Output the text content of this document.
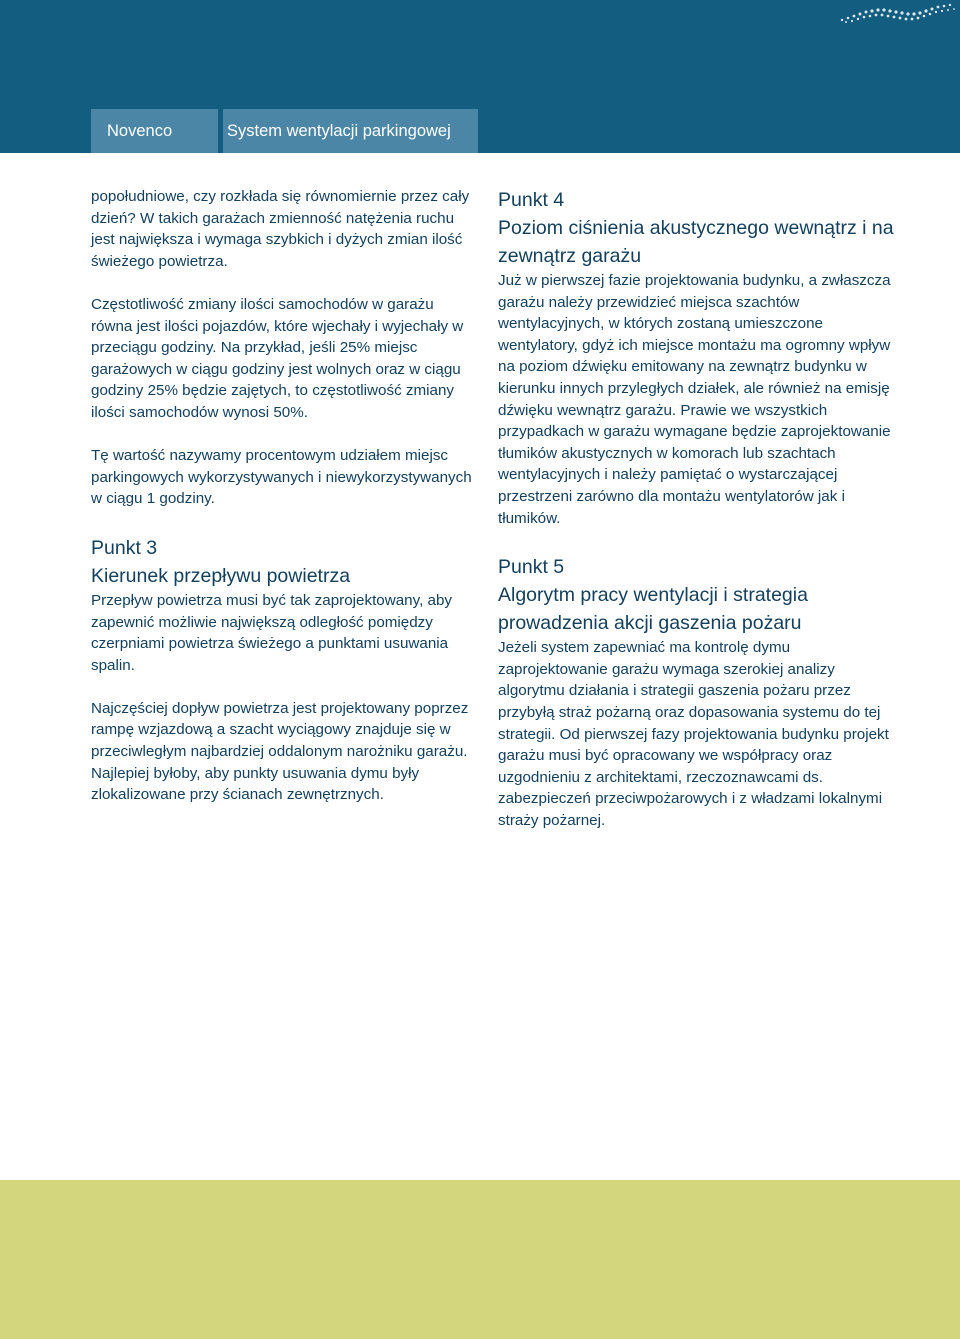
Novenco	System wentylacji parkingowej

popołudniowe, czy rozkłada się równomiernie przez cały dzień? W takich garażach zmienność natężenia ruchu jest największa i wymaga szybkich i dyżych zmian ilość świeżego powietrza.

Częstotliwość zmiany ilości samochodów w garażu równa jest ilości pojazdów, które wjechały i wyjechały w przeciągu godziny. Na przykład, jeśli 25% miejsc garażowych w ciągu godziny jest wolnych oraz w ciągu godziny 25% będzie zajętych, to częstotliwość zmiany ilości samochodów wynosi 50%.

Tę wartość nazywamy procentowym udziałem miejsc parkingowych wykorzystywanych i niewykorzystywanych w ciągu 1 godziny.

Punkt 3
Kierunek przepływu powietrza

Przepływ powietrza musi być tak zaprojektowany, aby zapewnić możliwie największą odległość pomiędzy czerpniami powietrza świeżego a punktami usuwania spalin.

Najczęściej dopływ powietrza jest projektowany poprzez rampę wzjazdową a szacht wyciągowy znajduje się w przeciwległym najbardziej oddalonym narożniku garażu. Najlepiej byłoby, aby punkty usuwania dymu były zlokalizowane przy ścianach zewnętrznych.

Punkt 4
Poziom ciśnienia akustycznego wewnątrz i na zewnątrz garażu

Już w pierwszej fazie projektowania budynku, a zwłaszcza garażu należy przewidzieć miejsca szachtów wentylacyjnych, w których zostaną umieszczone wentylatory, gdyż ich miejsce montażu ma ogromny wpływ na poziom dźwięku emitowany na zewnątrz budynku w kierunku innych przyległych działek, ale również na emisję dźwięku wewnątrz garażu. Prawie we wszystkich przypadkach w garażu wymagane będzie zaprojektowanie tłumików akustycznych w komorach lub szachtach wentylacyjnych i należy pamiętać o wystarczającej przestrzeni zarówno dla montażu wentylatorów jak i tłumików.

Punkt 5
Algorytm pracy wentylacji i strategia prowadzenia akcji gaszenia pożaru

Jeżeli system zapewniać ma kontrolę dymu zaprojektowanie garażu wymaga szerokiej analizy algorytmu działania i strategii gaszenia pożaru przez przybyłą straż pożarną oraz dopasowania systemu do tej strategii. Od pierwszej fazy projektowania budynku projekt garażu musi być opracowany we współpracy oraz uzgodnieniu z architektami, rzeczoznawcami ds. zabezpieczeń przeciwpożarowych i z władzami lokalnymi straży pożarnej.
